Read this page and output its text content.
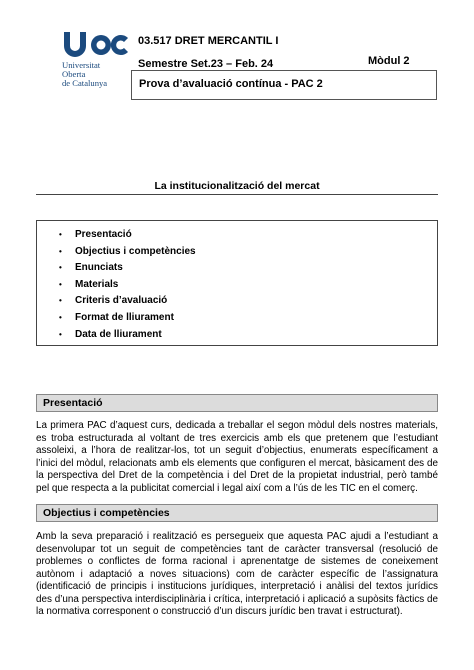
Universitat
Oberta
de Catalunya
03.517 DRET MERCANTIL I
Semestre Set.23 – Feb. 24	Mòdul 2
Prova d’avaluació contínua - PAC 2
La institucionalització del mercat
• Presentació
• Objectius i competències
• Enunciats
• Materials
• Criteris d’avaluació
• Format de lliurament
• Data de lliurament
Presentació
La primera PAC d’aquest curs, dedicada a treballar el segon mòdul dels nostres materials, es troba estructurada al voltant de tres exercicis amb els que pretenem que l’estudiant assoleixi, a l’hora de realitzar-los, tot un seguit d’objectius, enumerats específicament a l’inici del mòdul, relacionats amb els elements que configuren el mercat, bàsicament des de la perspectiva del Dret de la competència i del Dret de la propietat industrial, però també pel que respecta a la publicitat comercial i legal així com a l’ús de les TIC en el comerç.
Objectius i competències
Amb la seva preparació i realització es persegueix que aquesta PAC ajudi a l’estudiant a desenvolupar tot un seguit de competències tant de caràcter transversal (resolució de problemes o conflictes de forma racional i aprenentatge de sistemes de coneixement autònom i adaptació a noves situacions) com de caràcter específic de l’assignatura (identificació de principis i institucions jurídiques, interpretació i anàlisi del textos jurídics des d’una perspectiva interdisciplinària i crítica, interpretació i aplicació a supòsits fàctics de la normativa corresponent o construcció d’un discurs jurídic ben travat i estructurat).
